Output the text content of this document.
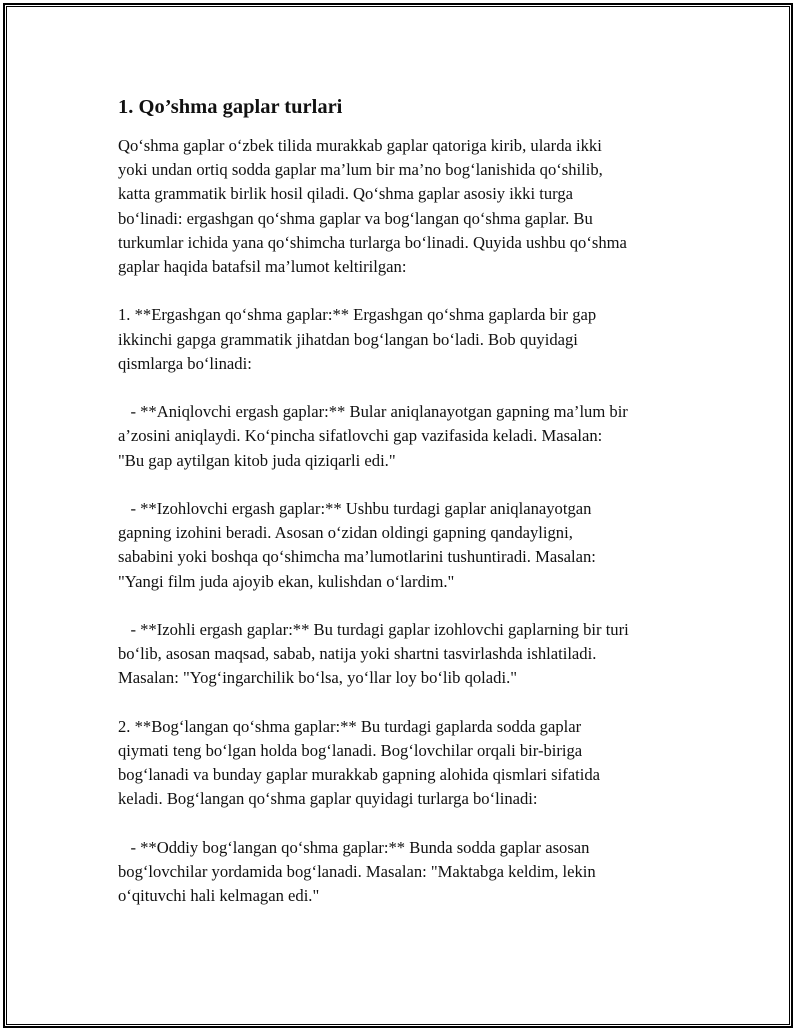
1. Qo’shma gaplar turlari

Qo‘shma gaplar o‘zbek tilida murakkab gaplar qatoriga kirib, ularda ikki
yoki undan ortiq sodda gaplar ma’lum bir ma’no bog‘lanishida qo‘shilib,
katta grammatik birlik hosil qiladi. Qo‘shma gaplar asosiy ikki turga
bo‘linadi: ergashgan qo‘shma gaplar va bog‘langan qo‘shma gaplar. Bu
turkumlar ichida yana qo‘shimcha turlarga bo‘linadi. Quyida ushbu qo‘shma
gaplar haqida batafsil ma’lumot keltirilgan:

1. **Ergashgan qo‘shma gaplar:** Ergashgan qo‘shma gaplarda bir gap
ikkinchi gapga grammatik jihatdan bog‘langan bo‘ladi. Bob quyidagi
qismlarga bo‘linadi:

- **Aniqlovchi ergash gaplar:** Bular aniqlanayotgan gapning ma’lum bir
a’zosini aniqlaydi. Ko‘pincha sifatlovchi gap vazifasida keladi. Masalan:
"Bu gap aytilgan kitob juda qiziqarli edi."

- **Izohlovchi ergash gaplar:** Ushbu turdagi gaplar aniqlanayotgan
gapning izohini beradi. Asosan o‘zidan oldingi gapning qandayligni,
sababini yoki boshqa qo‘shimcha ma’lumotlarini tushuntiradi. Masalan:
"Yangi film juda ajoyib ekan, kulishdan o‘lardim."

- **Izohli ergash gaplar:** Bu turdagi gaplar izohlovchi gaplarning bir turi
bo‘lib, asosan maqsad, sabab, natija yoki shartni tasvirlashda ishlatiladi.
Masalan: "Yog‘ingarchilik bo‘lsa, yo‘llar loy bo‘lib qoladi."

2. **Bog‘langan qo‘shma gaplar:** Bu turdagi gaplarda sodda gaplar
qiymati teng bo‘lgan holda bog‘lanadi. Bog‘lovchilar orqali bir-biriga
bog‘lanadi va bunday gaplar murakkab gapning alohida qismlari sifatida
keladi. Bog‘langan qo‘shma gaplar quyidagi turlarga bo‘linadi:

- **Oddiy bog‘langan qo‘shma gaplar:** Bunda sodda gaplar asosan
bog‘lovchilar yordamida bog‘lanadi. Masalan: "Maktabga keldim, lekin
o‘qituvchi hali kelmagan edi."
